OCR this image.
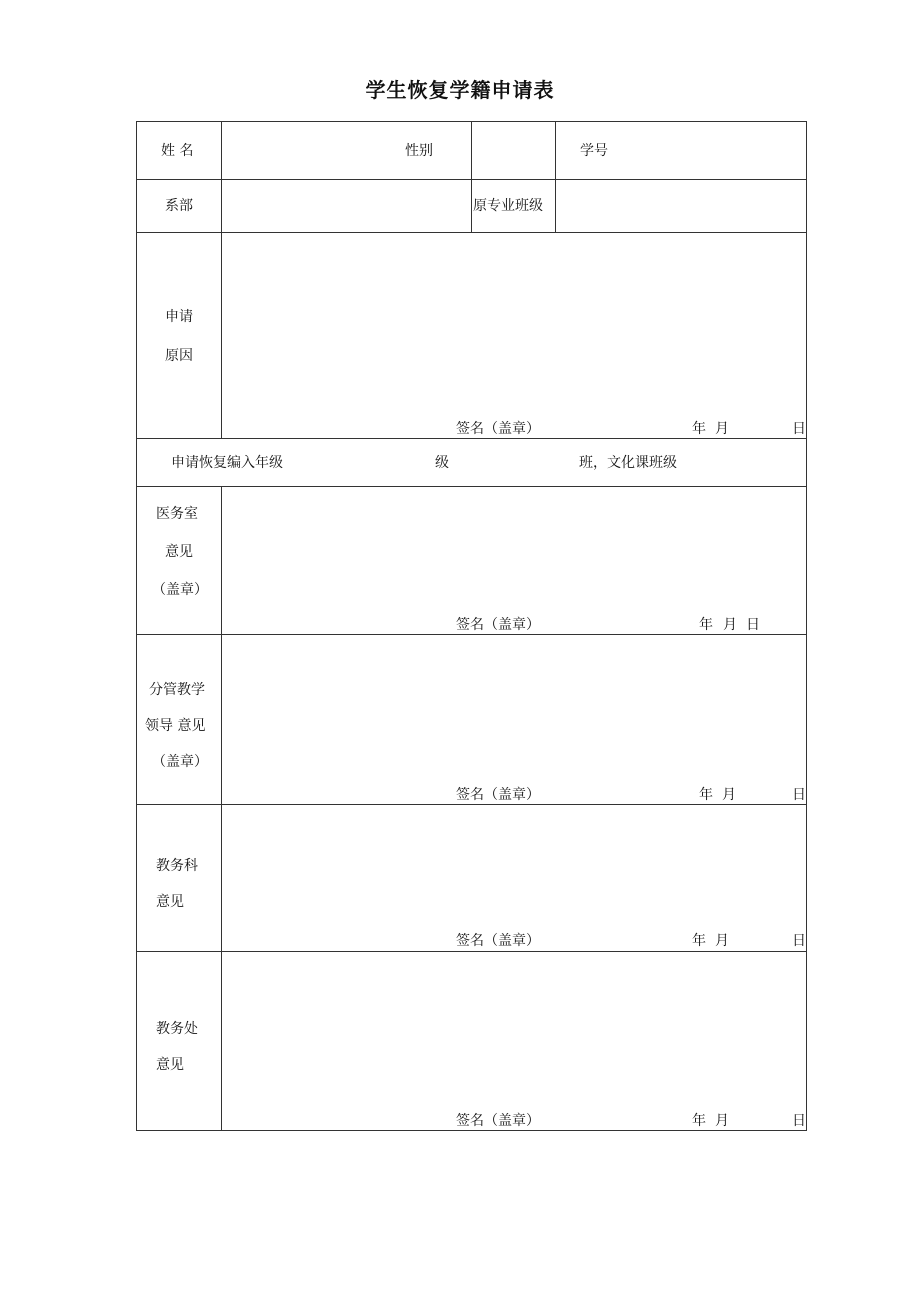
学生恢复学籍申请表
姓 名	性别	学号
系部	原专业班级
申请
原因
签名（盖章）	年 月	日
申请恢复编入年级	级	班，文化课班级
医务室
意见
（盖章）
签名（盖章）	年 月 日
分管教学
领导 意见
（盖章）
签名（盖章）	年 月	日
教务科
意见
签名（盖章）	年 月	日
教务处
意见
签名（盖章）	年 月	日
